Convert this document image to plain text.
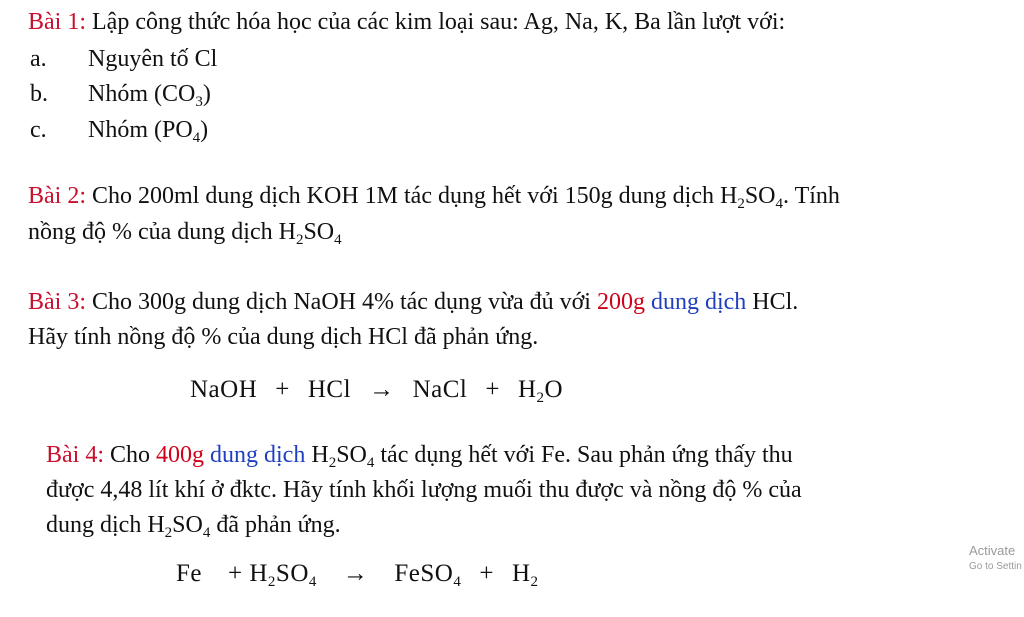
Bài 1: Lập công thức hóa học của các kim loại sau: Ag, Na, K, Ba lần lượt với:
a. Nguyên tố Cl
b. Nhóm $(CO_3)$
c. Nhóm $(PO_4)$
Bài 2: Cho 200ml dung dịch KOH 1M tác dụng hết với 150g dung dịch $H_2SO_4$. Tính
nồng độ % của dung dịch $H_2SO_4$
Bài 3: Cho 300g dung dịch NaOH 4% tác dụng vừa đủ với 200g dung dịch HCl.
Hãy tính nồng độ % của dung dịch HCl đã phản ứng.
NaOH + HCl → NaCl + $H_2O$
Bài 4: Cho 400g dung dịch $H_2SO_4$ tác dụng hết với Fe. Sau phản ứng thấy thu
được 4,48 lít khí ở đktc. Hãy tính khối lượng muối thu được và nồng độ % của
dung dịch $H_2SO_4$ đã phản ứng.
$Fe + H_2SO_4$ → FeSO$_4$ + $H_2$
Activate
Go to Settin
